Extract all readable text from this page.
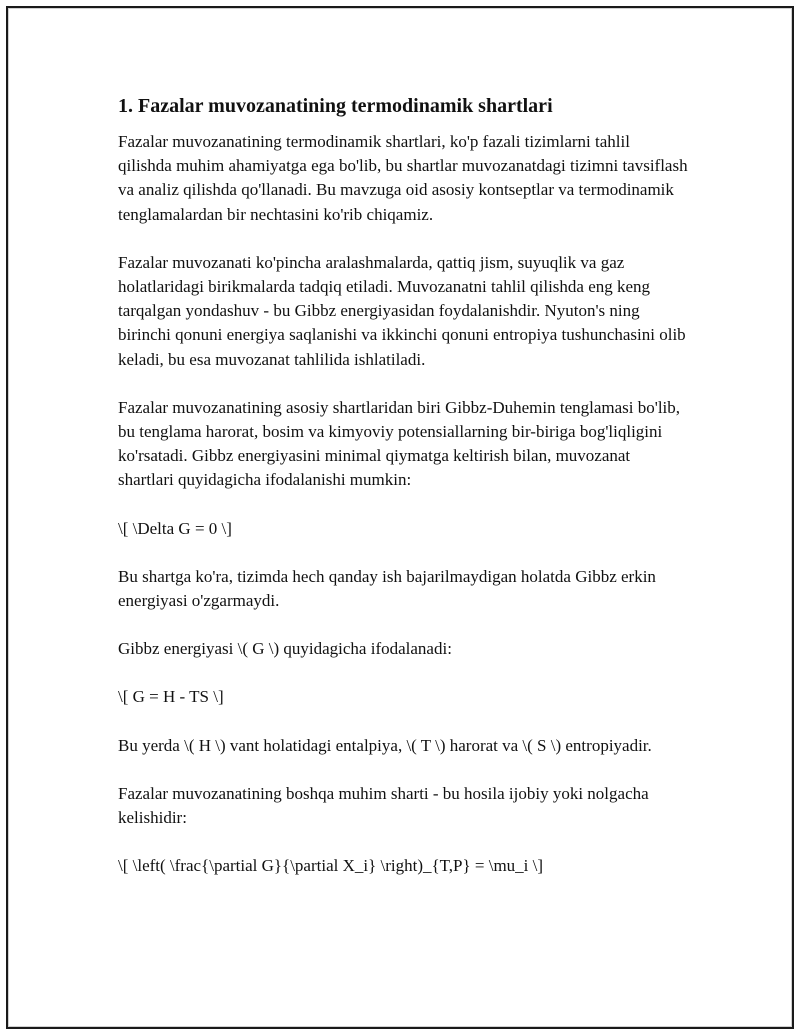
1. Fazalar muvozanatining termodinamik shartlari

Fazalar muvozanatining termodinamik shartlari, ko'p fazali tizimlarni tahlil qilishda muhim ahamiyatga ega bo'lib, bu shartlar muvozanatdagi tizimni tavsiflash va analiz qilishda qo'llanadi. Bu mavzuga oid asosiy kontseptlar va termodinamik tenglamalardan bir nechtasini ko'rib chiqamiz.

Fazalar muvozanati ko'pincha aralashmalarda, qattiq jism, suyuqlik va gaz holatlaridagi birikmalarda tadqiq etiladi. Muvozanatni tahlil qilishda eng keng tarqalgan yondashuv - bu Gibbz energiyasidan foydalanishdir. Nyuton's ning birinchi qonuni energiya saqlanishi va ikkinchi qonuni entropiya tushunchasini olib keladi, bu esa muvozanat tahlilida ishlatiladi.

Fazalar muvozanatining asosiy shartlaridan biri Gibbz-Duhemin tenglamasi bo'lib, bu tenglama harorat, bosim va kimyoviy potensiallarning bir-biriga bog'liqligini ko'rsatadi. Gibbz energiyasini minimal qiymatga keltirish bilan, muvozanat shartlari quyidagicha ifodalanishi mumkin:

\[ \Delta G = 0 \]

Bu shartga ko'ra, tizimda hech qanday ish bajarilmaydigan holatda Gibbz erkin energiyasi o'zgarmaydi.

Gibbz energiyasi \( G \) quyidagicha ifodalanadi:

\[ G = H - TS \]

Bu yerda \( H \) vant holatidagi entalpiya, \( T \) harorat va \( S \) entropiyadir.

Fazalar muvozanatining boshqa muhim sharti - bu hosila ijobiy yoki nolgacha kelishidir:

\[ \left( \frac{\partial G}{\partial X_i} \right)_{T,P} = \mu_i \]
